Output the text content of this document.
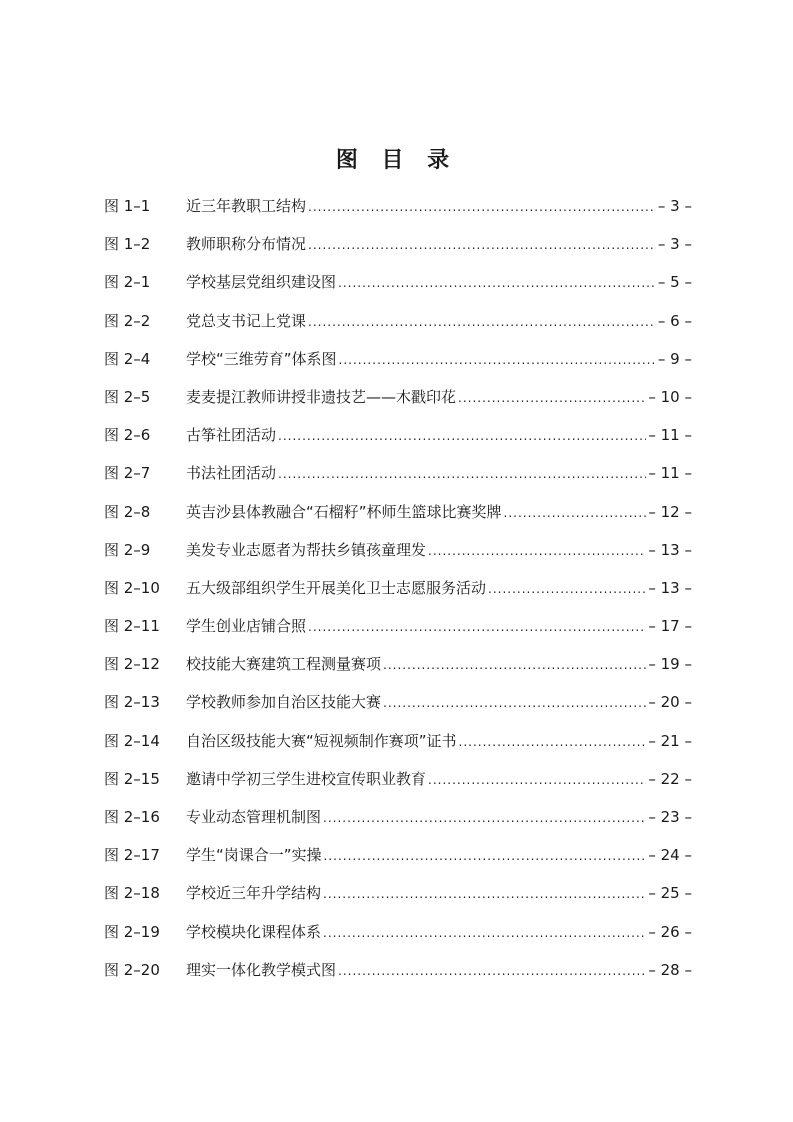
图 目 录
图 1–1	近三年教职工结构 .....	– 3 –
图 1–2	教师职称分布情况 .....	– 3 –
图 2–1	学校基层党组织建设图 .....	– 5 –
图 2–2	党总支书记上党课 .....	– 6 –
图 2–4	学校“三维劳育”体系图 .....	– 9 –
图 2–5	麦麦提江教师讲授非遗技艺——木戳印花 .....	– 10 –
图 2–6	古筝社团活动 .....	– 11 –
图 2–7	书法社团活动 .....	– 11 –
图 2–8	英吉沙县体教融合“石榴籽”杯师生篮球比赛奖牌 .....	– 12 –
图 2–9	美发专业志愿者为帮扶乡镇孩童理发 .....	– 13 –
图 2–10	五大级部组织学生开展美化卫士志愿服务活动 .....	– 13 –
图 2–11	学生创业店铺合照 .....	– 17 –
图 2–12	校技能大赛建筑工程测量赛项 .....	– 19 –
图 2–13	学校教师参加自治区技能大赛 .....	– 20 –
图 2–14	自治区级技能大赛“短视频制作赛项”证书 .....	– 21 –
图 2–15	邀请中学初三学生进校宣传职业教育 .....	– 22 –
图 2–16	专业动态管理机制图 .....	– 23 –
图 2–17	学生“岗课合一”实操 .....	– 24 –
图 2–18	学校近三年升学结构 .....	– 25 –
图 2–19	学校模块化课程体系 .....	– 26 –
图 2–20	理实一体化教学模式图 .....	– 28 –
